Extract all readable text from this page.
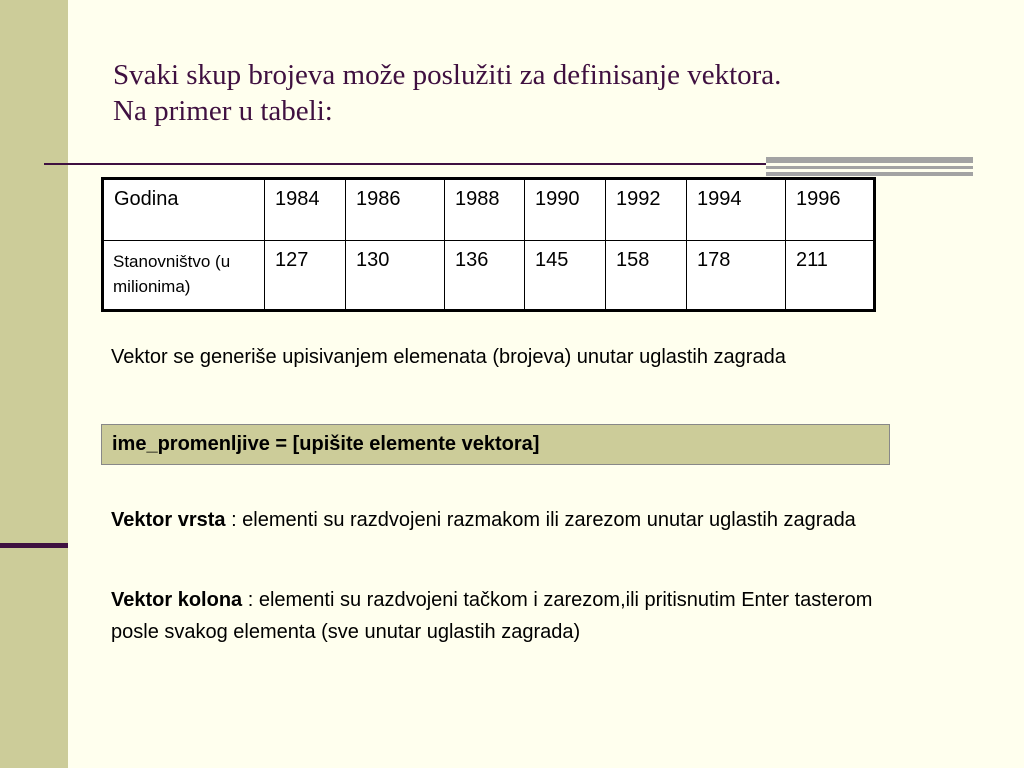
Svaki skup brojeva može poslužiti za definisanje vektora.
Na primer u tabeli:
Godina	1984	1986	1988	1990	1992	1994	1996
Stanovništvo (u milionima)	127	130	136	145	158	178	211
Vektor se generiše upisivanjem elemenata (brojeva) unutar uglastih zagrada
ime_promenljive = [upišite elemente vektora]
Vektor vrsta : elementi su razdvojeni razmakom ili zarezom unutar uglastih zagrada
Vektor kolona : elementi su razdvojeni tačkom i zarezom,ili pritisnutim Enter tasterom posle svakog elementa (sve unutar uglastih zagrada)
